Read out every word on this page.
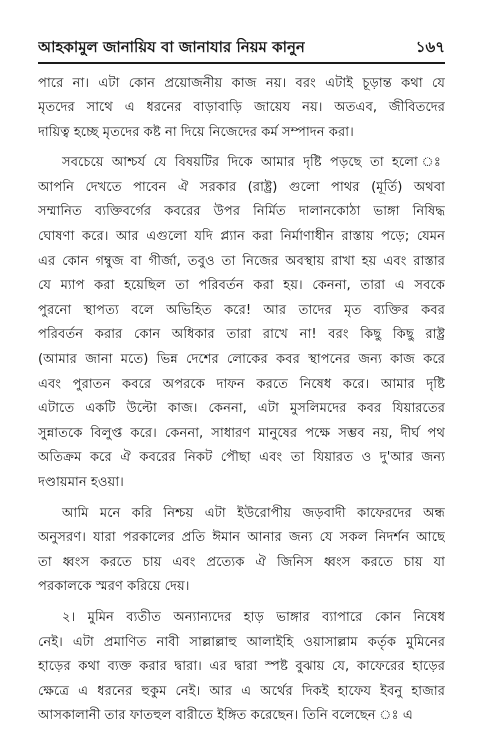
আহকামুল জানায়িয বা জানাযার নিয়ম কানুন	১৬৭
পারে না। এটা কোন প্রয়োজনীয় কাজ নয়। বরং এটাই চূড়ান্ত কথা যে
মৃতদের সাথে এ ধরনের বাড়াবাড়ি জায়েয নয়। অতএব, জীবিতদের
দায়িত্ব হচ্ছে মৃতদের কষ্ট না দিয়ে নিজেদের কর্ম সম্পাদন করা।
সবচেয়ে আশ্চর্য যে বিষয়টির দিকে আমার দৃষ্টি পড়ছে তা হলো ঃ
আপনি দেখতে পাবেন ঐ সরকার (রাষ্ট্র) গুলো পাথর (মূর্তি) অথবা
সম্মানিত ব্যক্তিবর্গের কবরের উপর নির্মিত দালানকোঠা ভাঙ্গা নিষিদ্ধ
ঘোষণা করে। আর এগুলো যদি প্ল্যান করা নির্মাণাধীন রাস্তায় পড়ে; যেমন
এর কোন গম্বুজ বা গীর্জা, তবুও তা নিজের অবস্থায় রাখা হয় এবং রাস্তার
যে ম্যাপ করা হয়েছিল তা পরিবর্তন করা হয়। কেননা, তারা এ সবকে
পুরনো স্থাপত্য বলে অভিহিত করে! আর তাদের মৃত ব্যক্তির কবর
পরিবর্তন করার কোন অধিকার তারা রাখে না! বরং কিছু কিছু রাষ্ট্র
(আমার জানা মতে) ভিন্ন দেশের লোকের কবর স্থাপনের জন্য কাজ করে
এবং পুরাতন কবরে অপরকে দাফন করতে নিষেধ করে। আমার দৃষ্টি
এটাতে একটি উল্টো কাজ। কেননা, এটা মুসলিমদের কবর যিয়ারতের
সুন্নাতকে বিলুপ্ত করে। কেননা, সাধারণ মানুষের পক্ষে সম্ভব নয়, দীর্ঘ পথ
অতিক্রম করে ঐ কবরের নিকট পৌছা এবং তা যিয়ারত ও দু'আর জন্য
দণ্ডায়মান হওয়া।
আমি মনে করি নিশ্চয় এটা ইউরোপীয় জড়বাদী কাফেরদের অন্ধ
অনুসরণ। যারা পরকালের প্রতি ঈমান আনার জন্য যে সকল নিদর্শন আছে
তা ধ্বংস করতে চায় এবং প্রত্যেক ঐ জিনিস ধ্বংস করতে চায় যা
পরকালকে স্মরণ করিয়ে দেয়।
২। মুমিন ব্যতীত অন্যান্যদের হাড় ভাঙ্গার ব্যাপারে কোন নিষেধ
নেই। এটা প্রমাণিত নাবী সাল্লাল্লাহু আলাইহি ওয়াসাল্লাম কর্তৃক মুমিনের
হাড়ের কথা ব্যক্ত করার দ্বারা। এর দ্বারা স্পষ্ট বুঝায় যে, কাফেরের হাড়ের
ক্ষেত্রে এ ধরনের হুকুম নেই। আর এ অর্থের দিকই হাফেয ইবনু হাজার
আসকালানী তার ফাতহুল বারীতে ইঙ্গিত করেছেন। তিনি বলেছেন ঃ এ
